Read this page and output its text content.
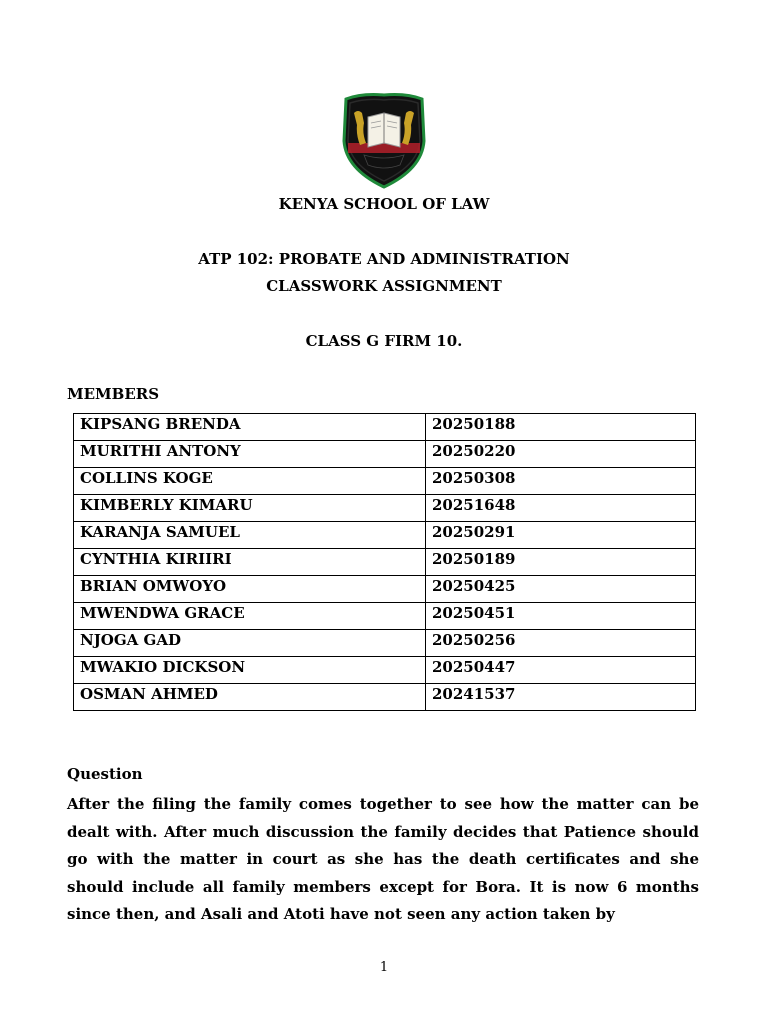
KENYA SCHOOL OF LAW
ATP 102: PROBATE AND ADMINISTRATION
CLASSWORK ASSIGNMENT
CLASS G FIRM 10.
MEMBERS
KIPSANG BRENDA	20250188
MURITHI ANTONY	20250220
COLLINS KOGE	20250308
KIMBERLY KIMARU	20251648
KARANJA SAMUEL	20250291
CYNTHIA KIRIIRI	20250189
BRIAN OMWOYO	20250425
MWENDWA GRACE	20250451
NJOGA GAD	20250256
MWAKIO DICKSON	20250447
OSMAN AHMED	20241537
Question
After the filing the family comes together to see how the matter can be dealt with. After much discussion the family decides that Patience should go with the matter in court as she has the death certificates and she should include all family members except for Bora. It is now 6 months since then, and Asali and Atoti have not seen any action taken by
1
